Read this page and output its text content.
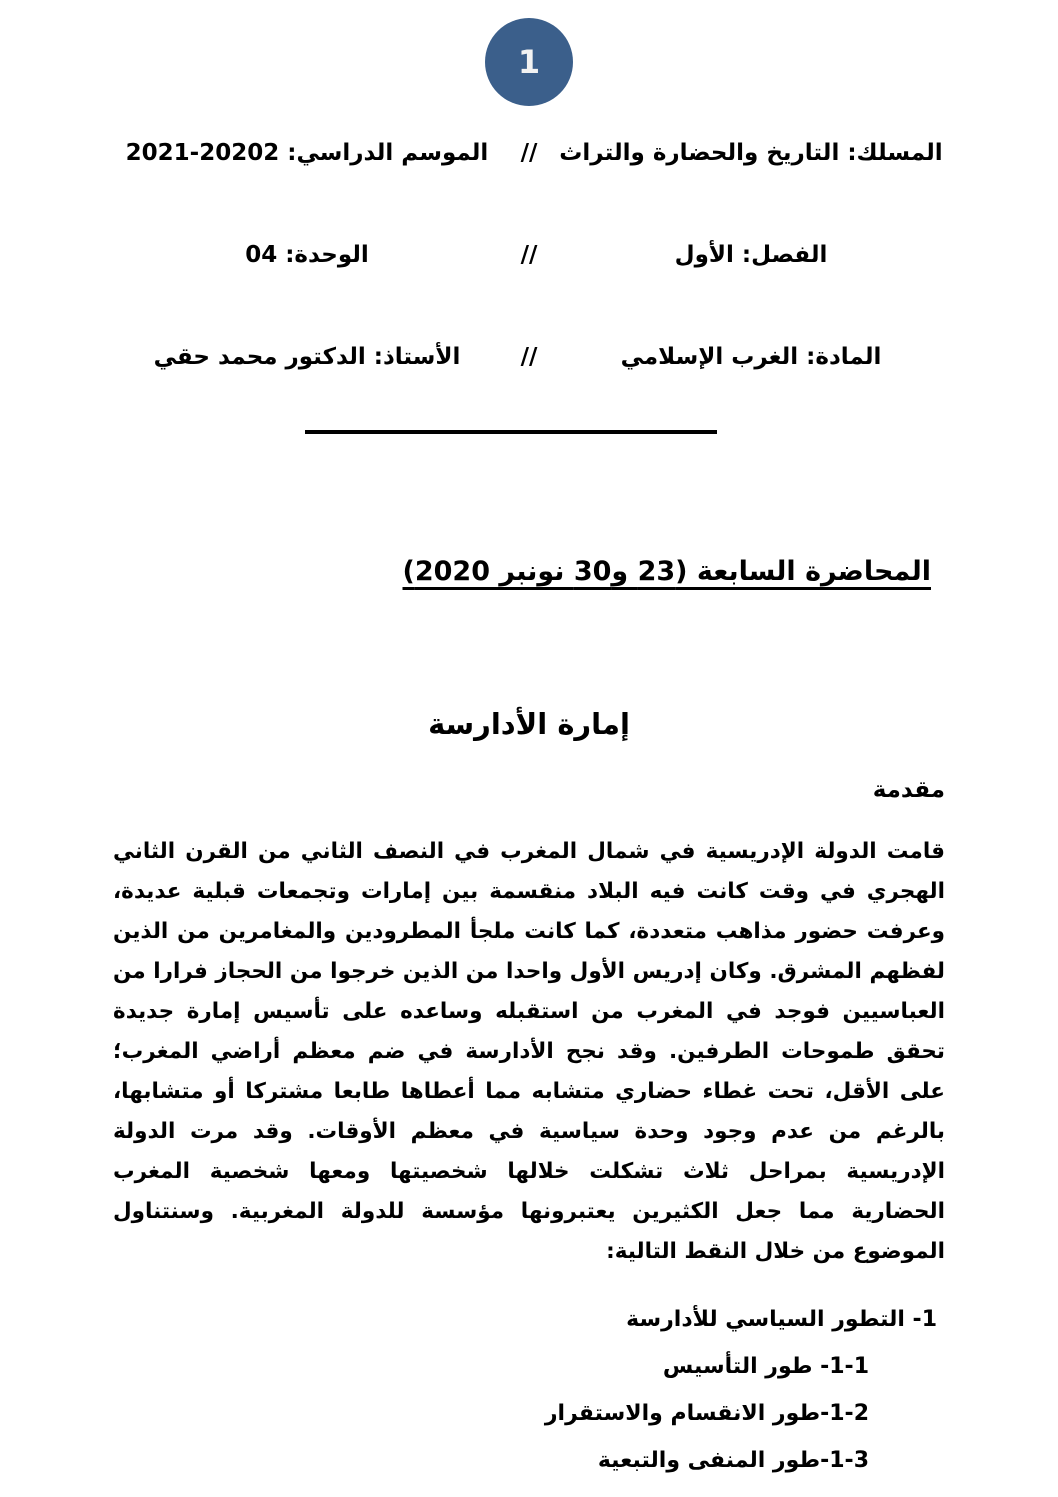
1
المسلك: التاريخ والحضارة والتراث
//
الموسم الدراسي: 2021-20202
الفصل: الأول
//
الوحدة: 04
المادة: الغرب الإسلامي
//
الأستاذ: الدكتور محمد حقي
المحاضرة السابعة (23 و30 نونبر 2020)
إمارة الأدارسة
مقدمة

قامت الدولة الإدريسية في شمال المغرب في النصف الثاني من القرن الثاني الهجري في وقت كانت فيه البلاد منقسمة بين إمارات وتجمعات قبلية عديدة، وعرفت حضور مذاهب متعددة، كما كانت ملجأ المطرودين والمغامرين من الذين لفظهم المشرق. وكان إدريس الأول واحدا من الذين خرجوا من الحجاز فرارا من العباسيين فوجد في المغرب من استقبله وساعده على تأسيس إمارة جديدة تحقق طموحات الطرفين. وقد نجح الأدارسة في ضم معظم أراضي المغرب؛ على الأقل، تحت غطاء حضاري متشابه مما أعطاها طابعا مشتركا أو متشابها، بالرغم من عدم وجود وحدة سياسية في معظم الأوقات. وقد مرت الدولة الإدريسية بمراحل ثلاث تشكلت خلالها شخصيتها ومعها شخصية المغرب الحضارية مما جعل الكثيرين يعتبرونها مؤسسة للدولة المغربية. وسنتناول الموضوع من خلال النقط التالية:

1- التطور السياسي للأدارسة
1-1- طور التأسيس
1-2-طور الانقسام والاستقرار
1-3-طور المنفى والتبعية
